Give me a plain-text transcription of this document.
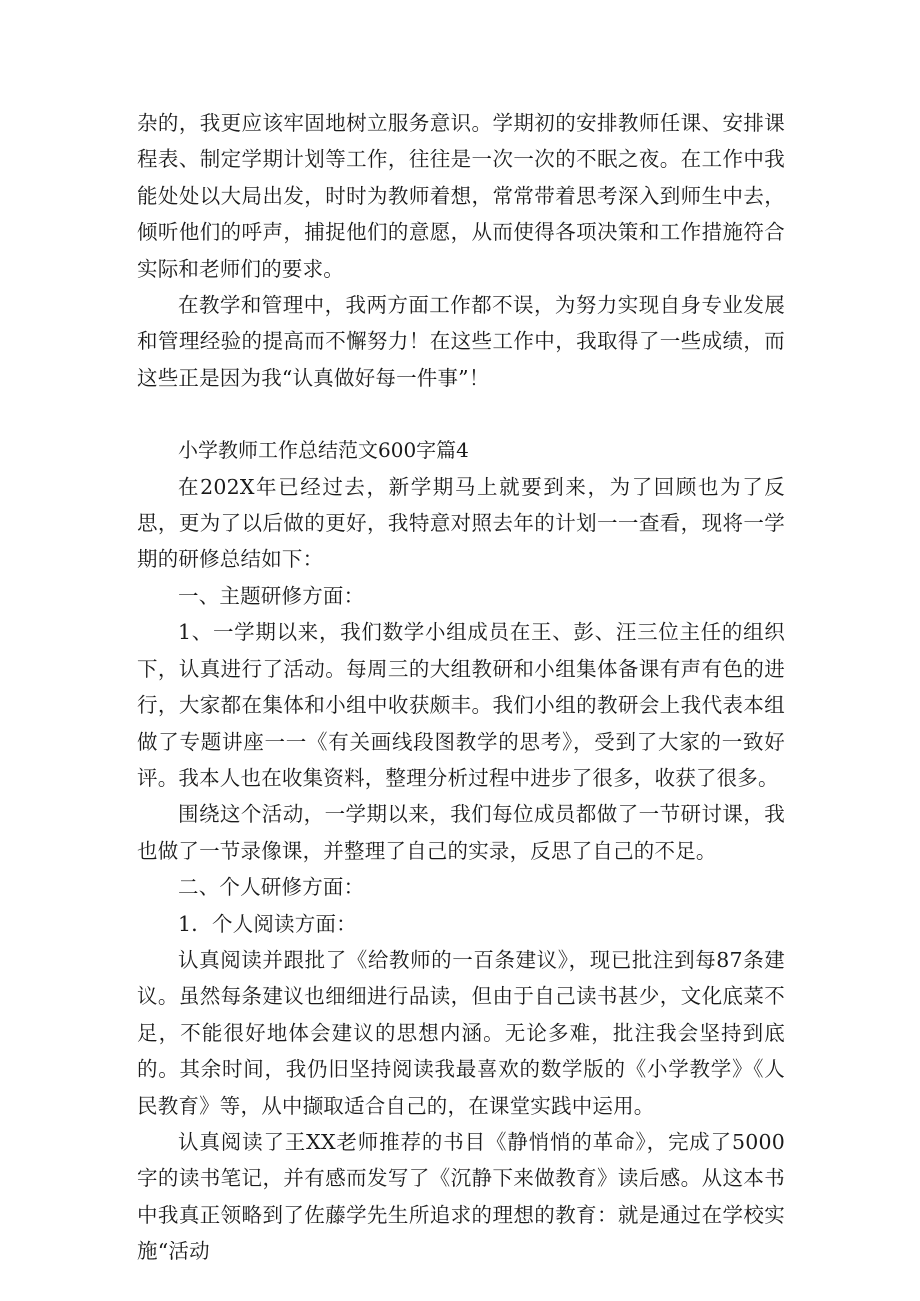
杂的，我更应该牢固地树立服务意识。学期初的安排教师任课、安排课程表、制定学期计划等工作，往往是一次一次的不眠之夜。在工作中我能处处以大局出发，时时为教师着想，常常带着思考深入到师生中去，倾听他们的呼声，捕捉他们的意愿，从而使得各项决策和工作措施符合实际和老师们的要求。

在教学和管理中，我两方面工作都不误，为努力实现自身专业发展和管理经验的提高而不懈努力！在这些工作中，我取得了一些成绩，而这些正是因为我“认真做好每一件事”！

小学教师工作总结范文600字篇4

在202X年已经过去，新学期马上就要到来，为了回顾也为了反思，更为了以后做的更好，我特意对照去年的计划一一查看，现将一学期的研修总结如下：

一、主题研修方面：

1、一学期以来，我们数学小组成员在王、彭、汪三位主任的组织下，认真进行了活动。每周三的大组教研和小组集体备课有声有色的进行，大家都在集体和小组中收获颇丰。我们小组的教研会上我代表本组做了专题讲座一一《有关画线段图教学的思考》，受到了大家的一致好评。我本人也在收集资料，整理分析过程中进步了很多，收获了很多。

围绕这个活动，一学期以来，我们每位成员都做了一节研讨课，我也做了一节录像课，并整理了自己的实录，反思了自己的不足。

二、个人研修方面：

1．个人阅读方面：

认真阅读并跟批了《给教师的一百条建议》，现已批注到每87条建议。虽然每条建议也细细进行品读，但由于自己读书甚少，文化底菜不足，不能很好地体会建议的思想内涵。无论多难，批注我会坚持到底的。其余时间，我仍旧坚持阅读我最喜欢的数学版的《小学教学》《人民教育》等，从中撷取适合自己的，在课堂实践中运用。

认真阅读了王XX老师推荐的书目《静悄悄的革命》，完成了5000字的读书笔记，并有感而发写了《沉静下来做教育》读后感。从这本书中我真正领略到了佐藤学先生所追求的理想的教育：就是通过在学校实施“活动
